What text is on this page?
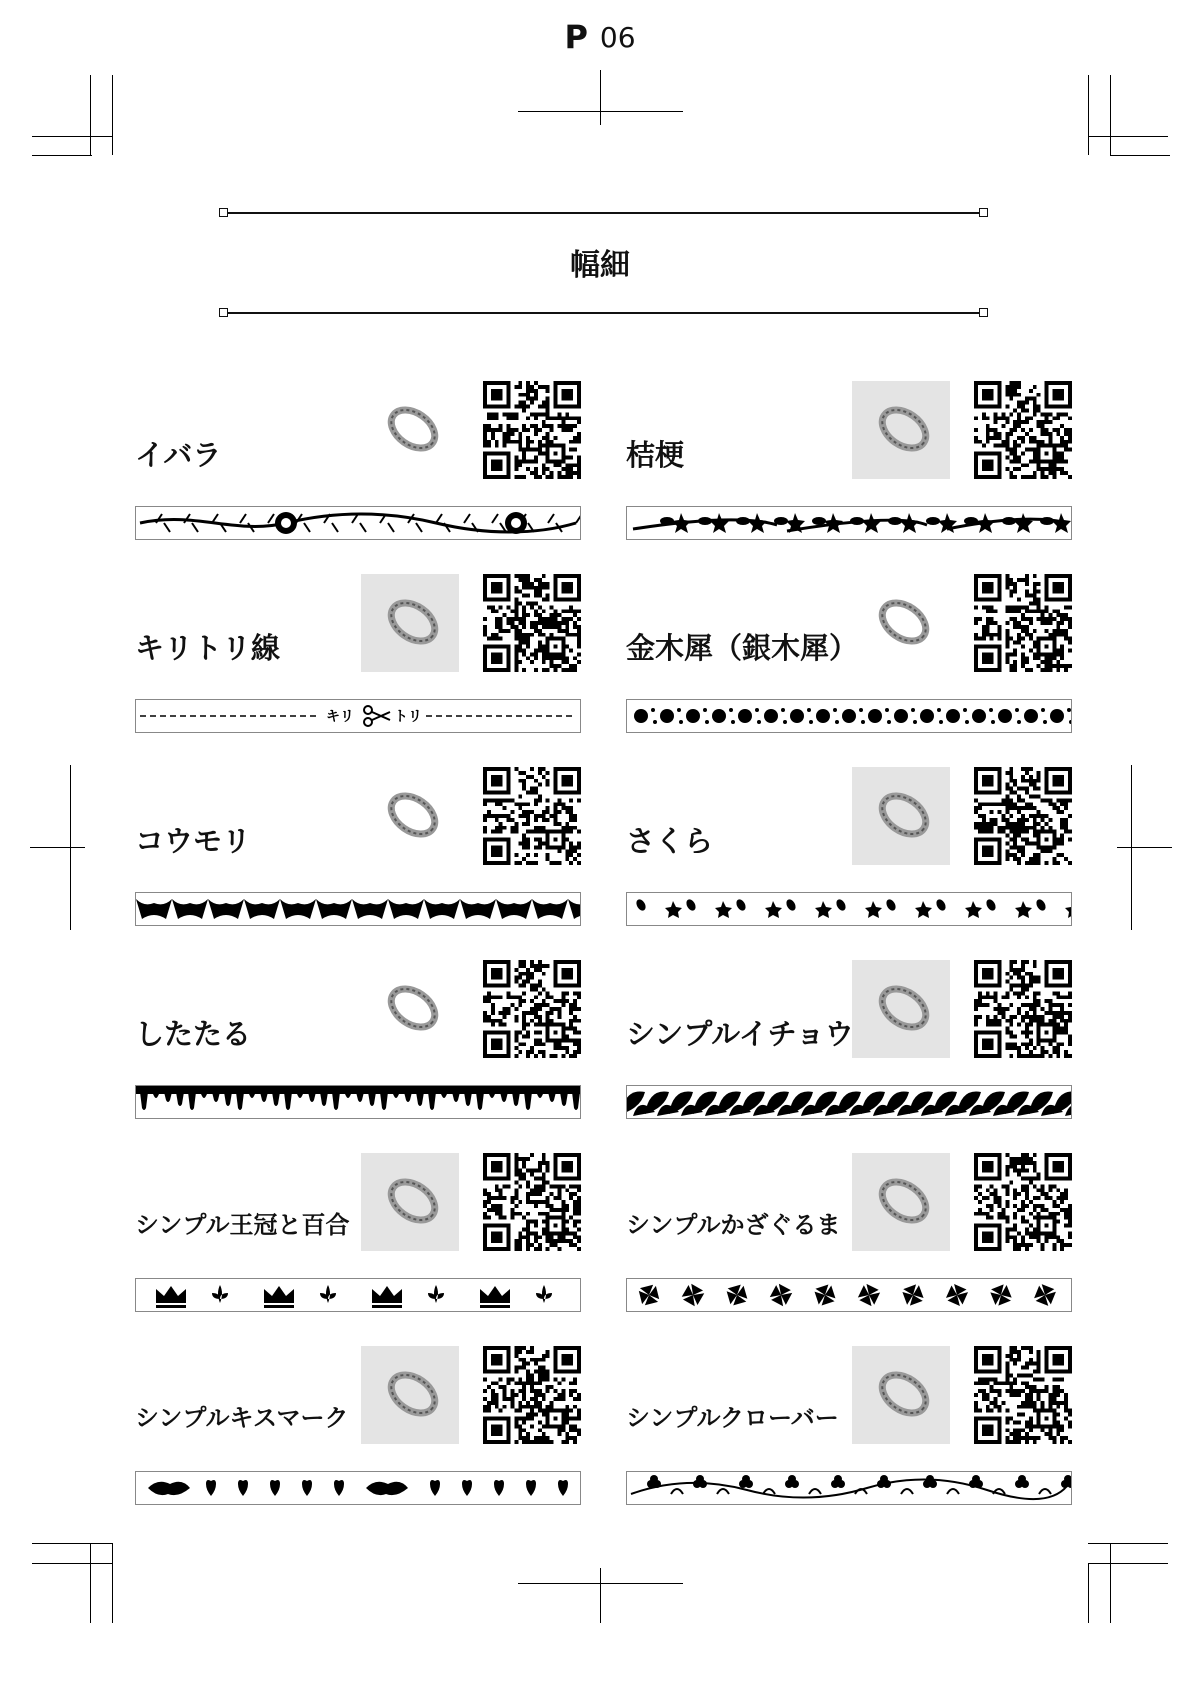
P 06
幅細
イバラ	桔梗
キリトリ線
キリ	トリ
金木犀（銀木犀）
コウモリ	さくら
したたる	シンプルイチョウ
シンプル王冠と百合	シンプルかざぐるま
シンプルキスマーク	シンプルクローバー
